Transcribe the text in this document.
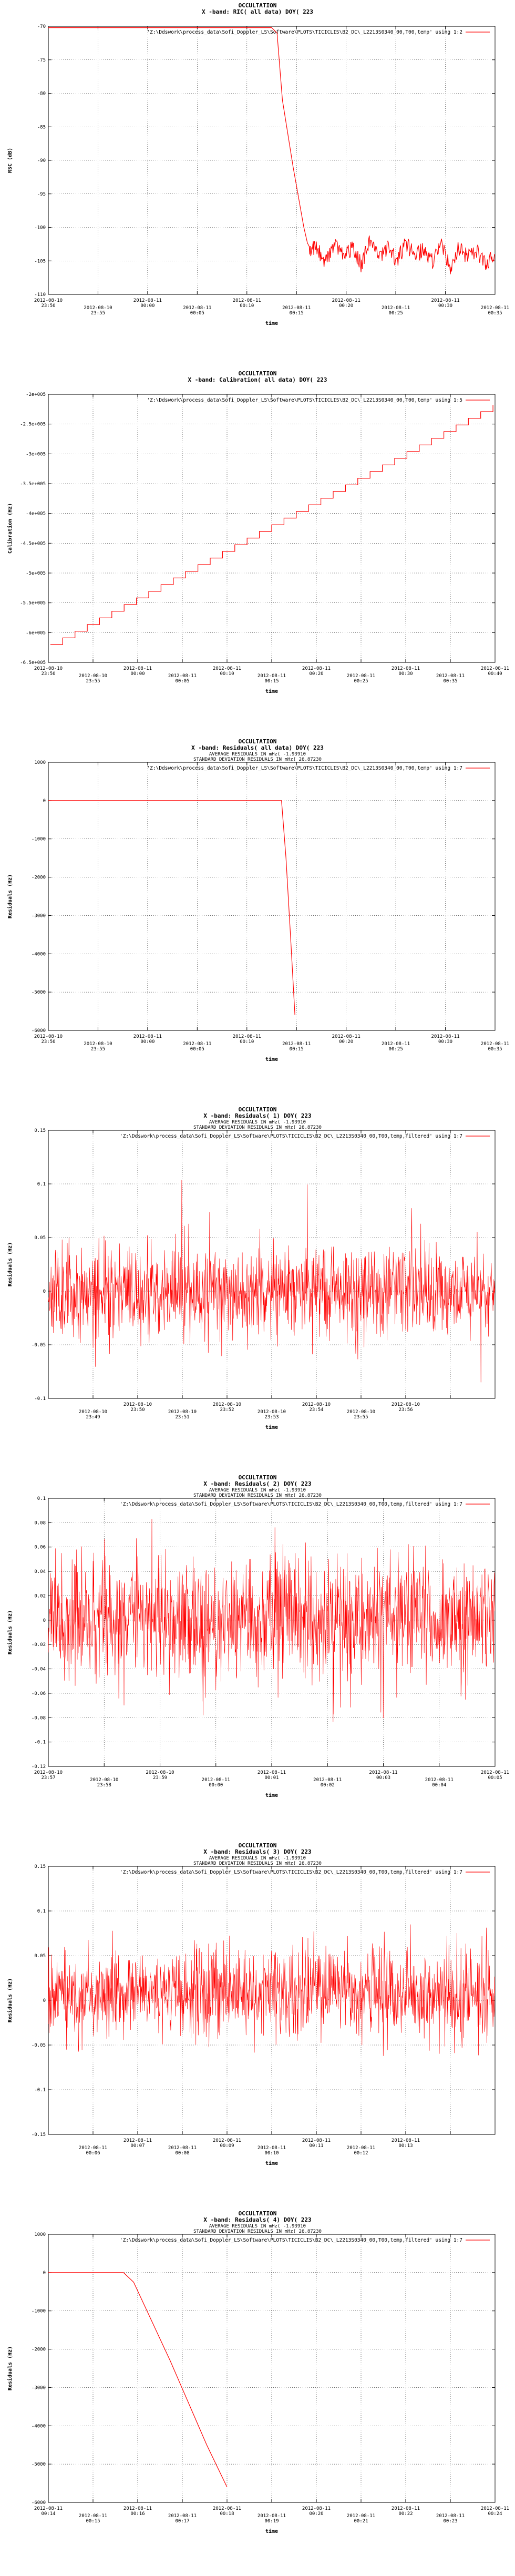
OCCULTATION
X -band: RIC( all data) DOY( 223
-70
-75
-80
-85
-90
-95
-100
-105
-110
2012-08-10
23:50	2012-08-10
23:55
2012-08-11
00:00	2012-08-11
00:05
2012-08-11
00:10	2012-08-11
00:15
2012-08-11
00:20	2012-08-11
00:25
2012-08-11
00:30	2012-08-11
00:35
time
RSC (dB)
'Z:\Ddswork\process_data\Sofi_Doppler_LS\Software\PLOTS\TICICLIS\B2_DC\_L2213S0340_00,T00,temp' using 1:2
OCCULTATION
X -band: Calibration( all data) DOY( 223
-2e+005
-2.5e+005
-3e+005
-3.5e+005
-4e+005
-4.5e+005
-5e+005
-5.5e+005
-6e+005
-6.5e+005
2012-08-10
23:50	2012-08-10
23:55
2012-08-11
00:00	2012-08-11
00:05
2012-08-11
00:10	2012-08-11
00:15
2012-08-11
00:20	2012-08-11
00:25
2012-08-11
00:30	2012-08-11
00:35
2012-08-11
00:40
time
Calibration (Hz)
'Z:\Ddswork\process_data\Sofi_Doppler_LS\Software\PLOTS\TICICLIS\B2_DC\_L2213S0340_00,T00,temp' using 1:5
OCCULTATION
X -band: Residuals( all data) DOY( 223
AVERAGE RESIDUALS IN mHz( -1.93910
STANDARD DEVIATION RESIDUALS IN mHz( 26.87230
1000
0
-1000
-2000
-3000
-4000
-5000
-6000
2012-08-10
23:50	2012-08-10
23:55
2012-08-11
00:00	2012-08-11
00:05
2012-08-11
00:10	2012-08-11
00:15
2012-08-11
00:20	2012-08-11
00:25
2012-08-11
00:30	2012-08-11
00:35
time
Residuals (Hz)
'Z:\Ddswork\process_data\Sofi_Doppler_LS\Software\PLOTS\TICICLIS\B2_DC\_L2213S0340_00,T00,temp' using 1:7
OCCULTATION
X -band: Residuals( 1) DOY( 223
AVERAGE RESIDUALS IN mHz( -1.93910
STANDARD DEVIATION RESIDUALS IN mHz( 26.87230
0.15
0.1
0.05
0
-0.05
-0.1
2012-08-10
23:49
2012-08-10
23:50	2012-08-10
23:51
2012-08-10
23:52	2012-08-10
23:53
2012-08-10
23:54	2012-08-10
23:55
2012-08-10
23:56
time
Residuals (Hz)
'Z:\Ddswork\process_data\Sofi_Doppler_LS\Software\PLOTS\TICICLIS\B2_DC\_L2213S0340_00,T00,temp,filtered' using 1:7
OCCULTATION
X -band: Residuals( 2) DOY( 223
AVERAGE RESIDUALS IN mHz( -1.93910
STANDARD DEVIATION RESIDUALS IN mHz( 26.87230
0.1
0.08
0.06
0.04
0.02
0
-0.02
-0.04
-0.06
-0.08
-0.1
-0.12
2012-08-10
23:57	2012-08-10
23:58
2012-08-10
23:59	2012-08-11
00:00
2012-08-11
00:01	2012-08-11
00:02
2012-08-11
00:03	2012-08-11
00:04
2012-08-11
00:05
time
Residuals (Hz)
'Z:\Ddswork\process_data\Sofi_Doppler_LS\Software\PLOTS\TICICLIS\B2_DC\_L2213S0340_00,T00,temp,filtered' using 1:7
OCCULTATION
X -band: Residuals( 3) DOY( 223
AVERAGE RESIDUALS IN mHz( -1.93910
STANDARD DEVIATION RESIDUALS IN mHz( 26.87230
0.15
0.1
0.05
0
-0.05
-0.1
-0.15
2012-08-11
00:06
2012-08-11
00:07	2012-08-11
00:08
2012-08-11
00:09	2012-08-11
00:10
2012-08-11
00:11	2012-08-11
00:12
2012-08-11
00:13
time
Residuals (Hz)
'Z:\Ddswork\process_data\Sofi_Doppler_LS\Software\PLOTS\TICICLIS\B2_DC\_L2213S0340_00,T00,temp,filtered' using 1:7
OCCULTATION
X -band: Residuals( 4) DOY( 223
AVERAGE RESIDUALS IN mHz( -1.93910
STANDARD DEVIATION RESIDUALS IN mHz( 26.87230
1000
0
-1000
-2000
-3000
-4000
-5000
-6000
2012-08-11
00:14	2012-08-11
00:15
2012-08-11
00:16	2012-08-11
00:17
2012-08-11
00:18	2012-08-11
00:19
2012-08-11
00:20	2012-08-11
00:21
2012-08-11
00:22	2012-08-11
00:23
2012-08-11
00:24
time
Residuals (Hz)
'Z:\Ddswork\process_data\Sofi_Doppler_LS\Software\PLOTS\TICICLIS\B2_DC\_L2213S0340_00,T00,temp,filtered' using 1:7
